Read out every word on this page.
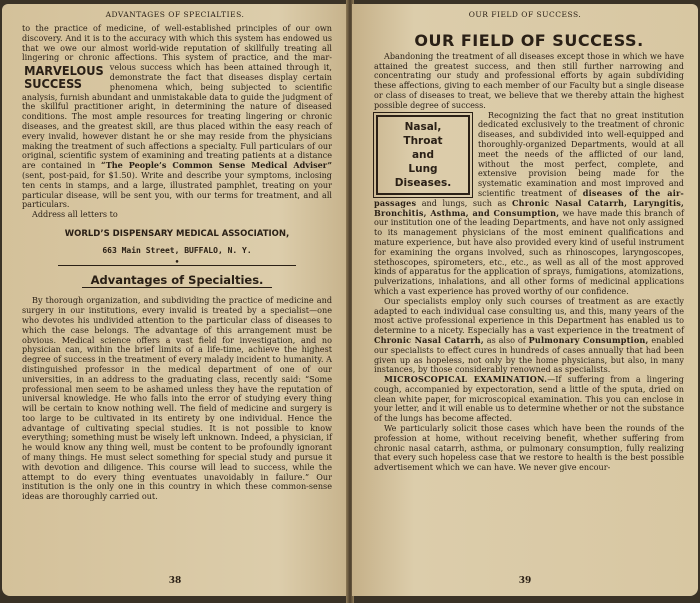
ADVANTAGES OF SPECIALTIES.

to the practice of medicine, of well-established principles of our own discovery. And it is to the accuracy with which this system has endowed us that we owe our almost world-wide reputation of skillfully treating all lingering or chronic affections. This system of practice, and the mar-
MARVELOUS
SUCCESS
velous success which has been attained through it, demonstrate the fact that diseases display certain phenomena which, being subjected to scientific analysis, furnish abundant and unmistakable data to guide the judgment of the skillful practitioner aright, in determining the nature of diseased conditions. The most ample resources for treating lingering or chronic diseases, and the greatest skill, are thus placed within the easy reach of every invalid, however distant he or she may reside from the physicians making the treatment of such affections a specialty. Full particulars of our original, scientific system of examining and treating patients at a distance are contained in “The People’s Common Sense Medical Adviser” (sent, post-paid, for $1.50). Write and describe your symptoms, inclosing ten cents in stamps, and a large, illustrated pamphlet, treating on your particular disease, will be sent you, with our terms for treatment, and all particulars.

Address all letters to

WORLD’S DISPENSARY MEDICAL ASSOCIATION,
663 Main Street, BUFFALO, N. Y.
•
Advantages of Specialties.

By thorough organization, and subdividing the practice of medicine and surgery in our institutions, every invalid is treated by a specialist—one who devotes his undivided attention to the particular class of diseases to which the case belongs. The advantage of this arrangement must be obvious. Medical science offers a vast field for investigation, and no physician can, within the brief limits of a life-time, achieve the highest degree of success in the treatment of every malady incident to humanity. A distinguished professor in the medical department of one of our universities, in an address to the graduating class, recently said: “Some professional men seem to be ashamed unless they have the reputation of universal knowledge. He who falls into the error of studying every thing will be certain to know nothing well. The field of medicine and surgery is too large to be cultivated in its entirety by one individual. Hence the advantage of cultivating special studies. It is not possible to know everything; something must be wisely left unknown. Indeed, a physician, if he would know any thing well, must be content to be profoundly ignorant of many things. He must select something for special study and pursue it with devotion and diligence. This course will lead to success, while the attempt to do every thing eventuates unavoidably in failure.” Our institution is the only one in this country in which these common-sense ideas are thoroughly carried out.

38
OUR FIELD OF SUCCESS.
OUR FIELD OF SUCCESS.

Abandoning the treatment of all diseases except those in which we have attained the greatest success, and then still further narrowing and concentrating our study and professional efforts by again subdividing these affections, giving to each member of our Faculty but a single disease or class of diseases to treat, we believe that we thereby attain the highest possible degree of success.

Nasal, Throat
and
Lung Diseases.

Recognizing the fact that no great institution dedicated exclusively to the treatment of chronic diseases, and subdivided into well-equipped and thoroughly-organized Departments, would at all meet the needs of the afflicted of our land, without the most perfect, complete, and extensive provision being made for the systematic examination and most improved and scientific treatment of diseases of the air-passages and lungs, such as Chronic Nasal Catarrh, Laryngitis, Bronchitis, Asthma, and Consumption, we have made this branch of our institution one of the leading Departments, and have not only assigned to its management physicians of the most eminent qualifications and mature experience, but have also provided every kind of useful instrument for examining the organs involved, such as rhinoscopes, laryngoscopes, stethoscopes, spirometers, etc., etc., as well as all of the most approved kinds of apparatus for the application of sprays, fumigations, atomizations, pulverizations, inhalations, and all other forms of medicinal applications which a vast experience has proved worthy of our confidence.

Our specialists employ only such courses of treatment as are exactly adapted to each individual case consulting us, and this, many years of the most active professional experience in this Department has enabled us to determine to a nicety. Especially has a vast experience in the treatment of Chronic Nasal Catarrh, as also of Pulmonary Consumption, enabled our specialists to effect cures in hundreds of cases annually that had been given up as hopeless, not only by the home physicians, but also, in many instances, by those considerably renowned as specialists.

MICROSCOPICAL EXAMINATION.—If suffering from a lingering cough, accompanied by expectoration, send a little of the sputa, dried on clean white paper, for microscopical examination. This you can enclose in your letter, and it will enable us to determine whether or not the substance of the lungs has become affected.

We particularly solicit those cases which have been the rounds of the profession at home, without receiving benefit, whether suffering from chronic nasal catarrh, asthma, or pulmonary consumption, fully realizing that every such hopeless case that we restore to health is the best possible advertisement which we can have. We never give encour-

39
